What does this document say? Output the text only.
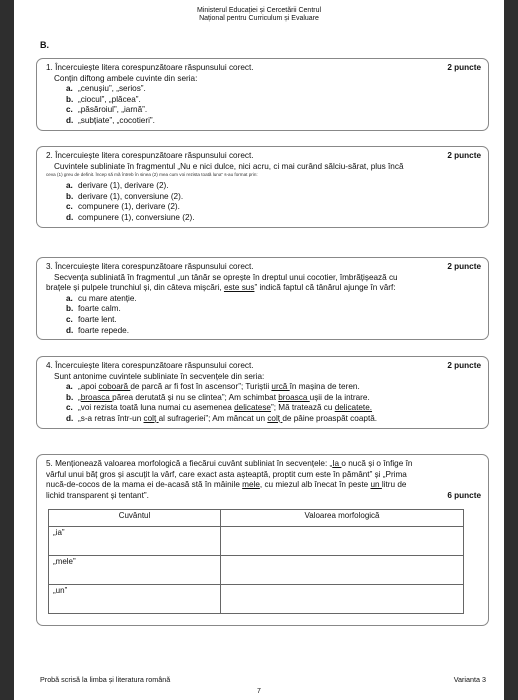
Ministerul Educației și Cercetării Centrul
Național pentru Curriculum și Evaluare
B.
1. Încercuiește litera corespunzătoare răspunsului corect.	2 puncte
Conțin diftong ambele cuvinte din seria:
a. „cenușiu”, „serios”.
b. „ciocul”, „plăcea”.
c. „păsăroiul”, „iarnă”.
d. „subțiate”, „cocotieri”.
2. Încercuiește litera corespunzătoare răspunsului corect.	2 puncte
Cuvintele subliniate în fragmentul „Nu e nici dulce, nici acru, ci mai curând sălciu-sărat, plus încă
ceva (1) greu de definit. Încep să mă întreb în sinea (2) mea cum voi rezista toată luna” s-au format prin:
a. derivare (1), derivare (2).
b. derivare (1), conversiune (2).
c. compunere (1), derivare (2).
d. compunere (1), conversiune (2).
3. Încercuiește litera corespunzătoare răspunsului corect.	2 puncte
Secvența subliniată în fragmentul „un tânăr se oprește în dreptul unui cocotier, îmbrățișează cu
brațele și pulpele trunchiul și, din câteva mișcări, este sus” indică faptul că tânărul ajunge în vârf:
a. cu mare atenție.
b. foarte calm.
c. foarte lent.
d. foarte repede.
4. Încercuiește litera corespunzătoare răspunsului corect.	2 puncte
Sunt antonime cuvintele subliniate în secvențele din seria:
a. „apoi coboară de parcă ar fi fost în ascensor”; Turiștii urcă în mașina de teren.
b. „broasca părea derutată și nu se clintea”; Am schimbat broasca ușii de la intrare.
c. „voi rezista toată luna numai cu asemenea delicatese”; Mă tratează cu delicatete.
d. „s-a retras într-un colț al sufrageriei”; Am mâncat un colț de pâine proaspăt coaptă.
5. Menționează valoarea morfologică a fiecărui cuvânt subliniat în secvențele: „Ia o nucă și o înfige în
vârful unui băț gros și ascuțit la vârf, care exact asta așteaptă, proptit cum este în pământ” și „Prima
nucă-de-cocos de la mama ei de-acasă stă în mâinile mele, cu miezul alb înecat în peste un litru de
lichid transparent și tentant”.	6 puncte
Cuvântul	Valoarea morfologică
„ia”	
„mele”	
„un”	
Probă scrisă la limba și literatura română	Varianta 3
7
